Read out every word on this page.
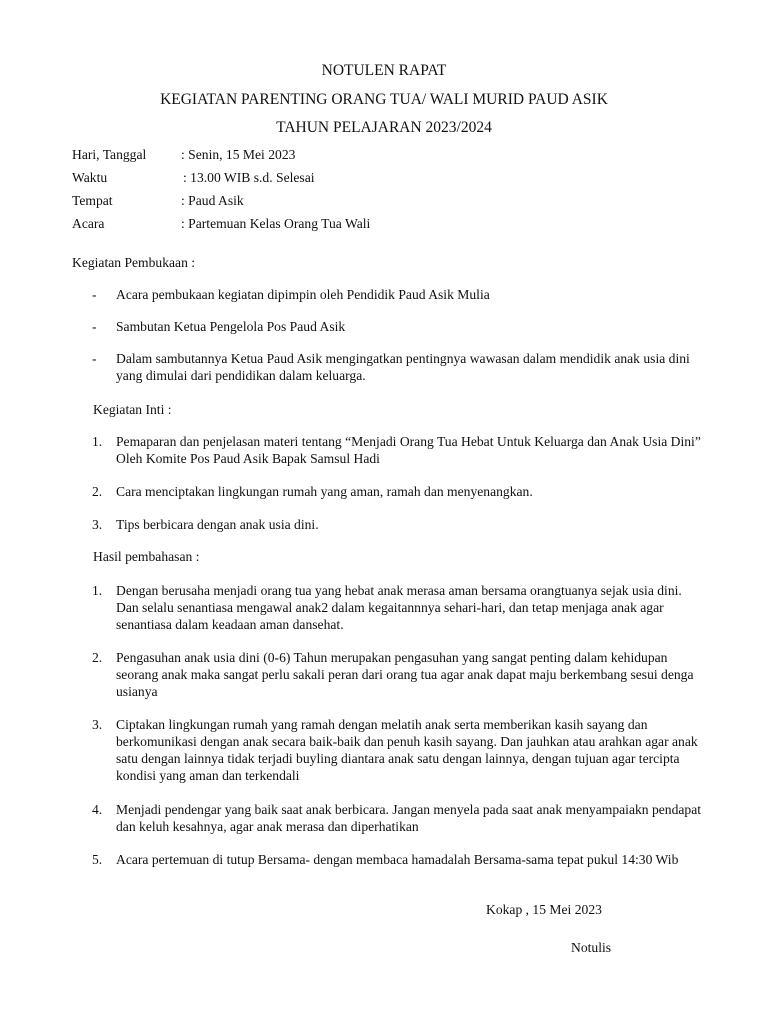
NOTULEN RAPAT
KEGIATAN PARENTING ORANG TUA/ WALI MURID PAUD ASIK
TAHUN PELAJARAN 2023/2024
Hari, Tanggal	: Senin, 15 Mei 2023
Waktu	: 13.00 WIB s.d. Selesai
Tempat	: Paud Asik
Acara	: Partemuan Kelas Orang Tua Wali
Kegiatan Pembukaan :
- Acara pembukaan kegiatan dipimpin oleh Pendidik Paud Asik Mulia
- Sambutan Ketua Pengelola Pos Paud Asik
- Dalam sambutannya Ketua Paud Asik mengingatkan pentingnya wawasan dalam mendidik anak usia dini yang dimulai dari pendidikan dalam keluarga.
Kegiatan Inti :
1. Pemaparan dan penjelasan materi tentang “Menjadi Orang Tua Hebat Untuk Keluarga dan Anak Usia Dini” Oleh Komite Pos Paud Asik Bapak Samsul Hadi
2. Cara menciptakan lingkungan rumah yang aman, ramah dan menyenangkan.
3. Tips berbicara dengan anak usia dini.
Hasil pembahasan :
1. Dengan berusaha menjadi orang tua yang hebat anak merasa aman bersama orangtuanya sejak usia dini. Dan selalu senantiasa mengawal anak2 dalam kegaitannnya sehari-hari, dan tetap menjaga anak agar senantiasa dalam keadaan aman dansehat.
2. Pengasuhan anak usia dini (0-6) Tahun merupakan pengasuhan yang sangat penting dalam kehidupan seorang anak maka sangat perlu sakali peran dari orang tua agar anak dapat maju berkembang sesui denga usianya
3. Ciptakan lingkungan rumah yang ramah dengan melatih anak serta memberikan kasih sayang dan berkomunikasi dengan anak secara baik-baik dan penuh kasih sayang. Dan jauhkan atau arahkan agar anak satu dengan lainnya tidak terjadi buyling diantara anak satu dengan lainnya, dengan tujuan agar tercipta kondisi yang aman dan terkendali
4. Menjadi pendengar yang baik saat anak berbicara. Jangan menyela pada saat anak menyampaiakn pendapat dan keluh kesahnya, agar anak merasa dan diperhatikan
5. Acara pertemuan di tutup Bersama- dengan membaca hamadalah Bersama-sama tepat pukul 14:30 Wib
Kokap , 15 Mei 2023
Notulis
